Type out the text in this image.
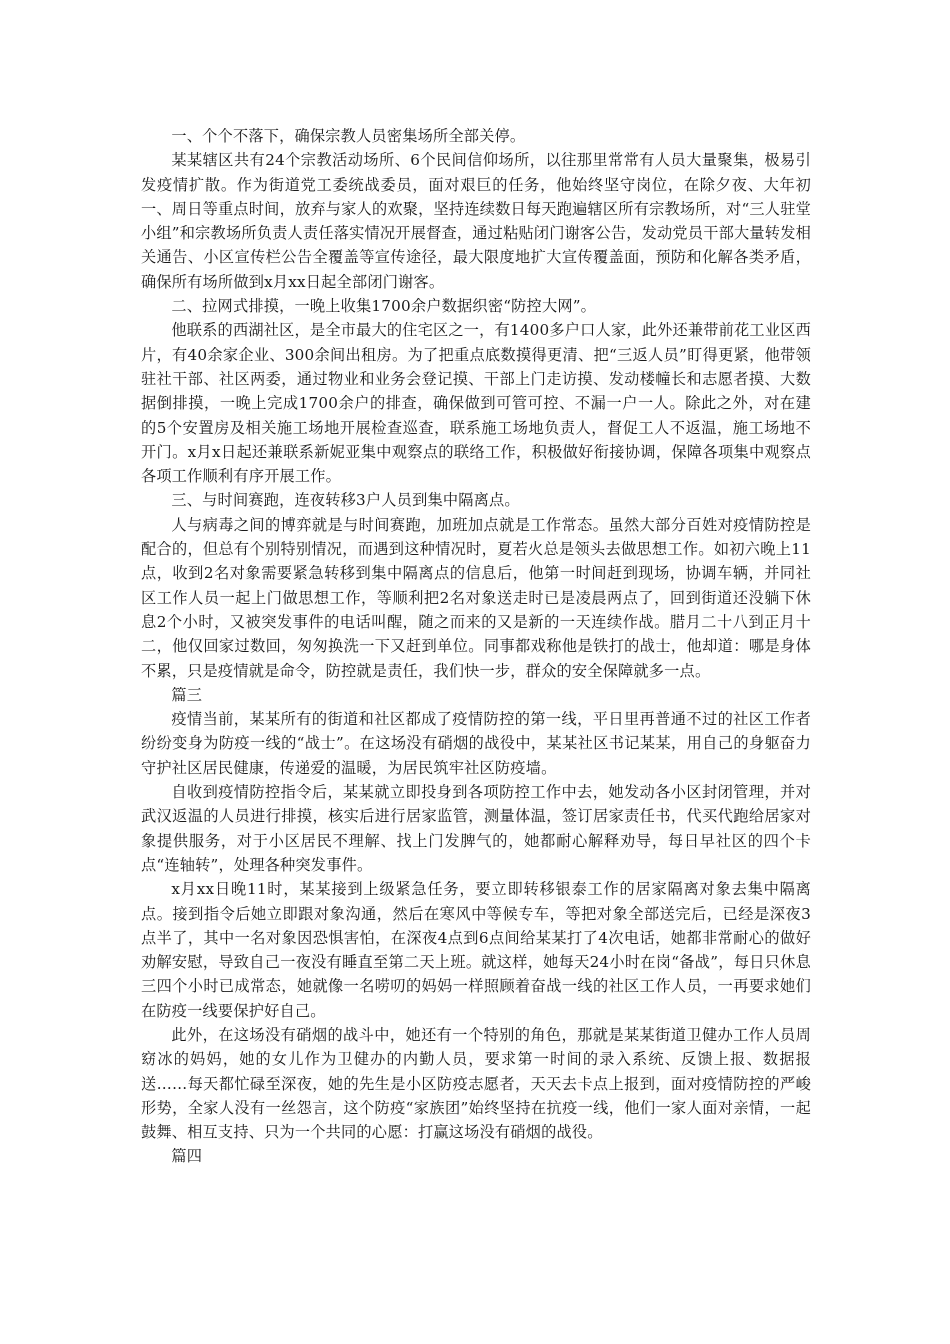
一、个个不落下，确保宗教人员密集场所全部关停。

某某辖区共有24个宗教活动场所、6个民间信仰场所，以往那里常常有人员大量聚集，极易引发疫情扩散。作为街道党工委统战委员，面对艰巨的任务，他始终坚守岗位，在除夕夜、大年初一、周日等重点时间，放弃与家人的欢聚，坚持连续数日每天跑遍辖区所有宗教场所，对“三人驻堂小组”和宗教场所负责人责任落实情况开展督查，通过粘贴闭门谢客公告，发动党员干部大量转发相关通告、小区宣传栏公告全覆盖等宣传途径，最大限度地扩大宣传覆盖面，预防和化解各类矛盾，确保所有场所做到x月xx日起全部闭门谢客。

二、拉网式排摸，一晚上收集1700余户数据织密“防控大网”。

他联系的西湖社区，是全市最大的住宅区之一，有1400多户口人家，此外还兼带前花工业区西片，有40余家企业、300余间出租房。为了把重点底数摸得更清、把“三返人员”盯得更紧，他带领驻社干部、社区两委，通过物业和业务会登记摸、干部上门走访摸、发动楼幢长和志愿者摸、大数据倒排摸，一晚上完成1700余户的排查，确保做到可管可控、不漏一户一人。除此之外，对在建的5个安置房及相关施工场地开展检查巡查，联系施工场地负责人，督促工人不返温，施工场地不开门。x月x日起还兼联系新妮亚集中观察点的联络工作，积极做好衔接协调，保障各项集中观察点各项工作顺利有序开展工作。

三、与时间赛跑，连夜转移3户人员到集中隔离点。

人与病毒之间的博弈就是与时间赛跑，加班加点就是工作常态。虽然大部分百姓对疫情防控是配合的，但总有个别特别情况，而遇到这种情况时，夏若火总是领头去做思想工作。如初六晚上11点，收到2名对象需要紧急转移到集中隔离点的信息后，他第一时间赶到现场，协调车辆，并同社区工作人员一起上门做思想工作，等顺利把2名对象送走时已是凌晨两点了，回到街道还没躺下休息2个小时，又被突发事件的电话叫醒，随之而来的又是新的一天连续作战。腊月二十八到正月十二，他仅回家过数回，匆匆换洗一下又赶到单位。同事都戏称他是铁打的战士，他却道：哪是身体不累，只是疫情就是命令，防控就是责任，我们快一步，群众的安全保障就多一点。

篇三

疫情当前，某某所有的街道和社区都成了疫情防控的第一线，平日里再普通不过的社区工作者纷纷变身为防疫一线的“战士”。在这场没有硝烟的战役中，某某社区书记某某，用自己的身躯奋力守护社区居民健康，传递爱的温暖，为居民筑牢社区防疫墙。

自收到疫情防控指令后，某某就立即投身到各项防控工作中去，她发动各小区封闭管理，并对武汉返温的人员进行排摸，核实后进行居家监管，测量体温，签订居家责任书，代买代跑给居家对象提供服务，对于小区居民不理解、找上门发脾气的，她都耐心解释劝导，每日早社区的四个卡点“连轴转”，处理各种突发事件。

x月xx日晚11时，某某接到上级紧急任务，要立即转移银泰工作的居家隔离对象去集中隔离点。接到指令后她立即跟对象沟通，然后在寒风中等候专车，等把对象全部送完后，已经是深夜3点半了，其中一名对象因恐惧害怕，在深夜4点到6点间给某某打了4次电话，她都非常耐心的做好劝解安慰，导致自己一夜没有睡直至第二天上班。就这样，她每天24小时在岗“备战”，每日只休息三四个小时已成常态，她就像一名唠叨的妈妈一样照顾着奋战一线的社区工作人员，一再要求她们在防疫一线要保护好自己。

此外，在这场没有硝烟的战斗中，她还有一个特别的角色，那就是某某街道卫健办工作人员周窈冰的妈妈，她的女儿作为卫健办的内勤人员，要求第一时间的录入系统、反馈上报、数据报送……每天都忙碌至深夜，她的先生是小区防疫志愿者，天天去卡点上报到，面对疫情防控的严峻形势，全家人没有一丝怨言，这个防疫“家族团”始终坚持在抗疫一线，他们一家人面对亲情，一起鼓舞、相互支持、只为一个共同的心愿：打赢这场没有硝烟的战役。

篇四
